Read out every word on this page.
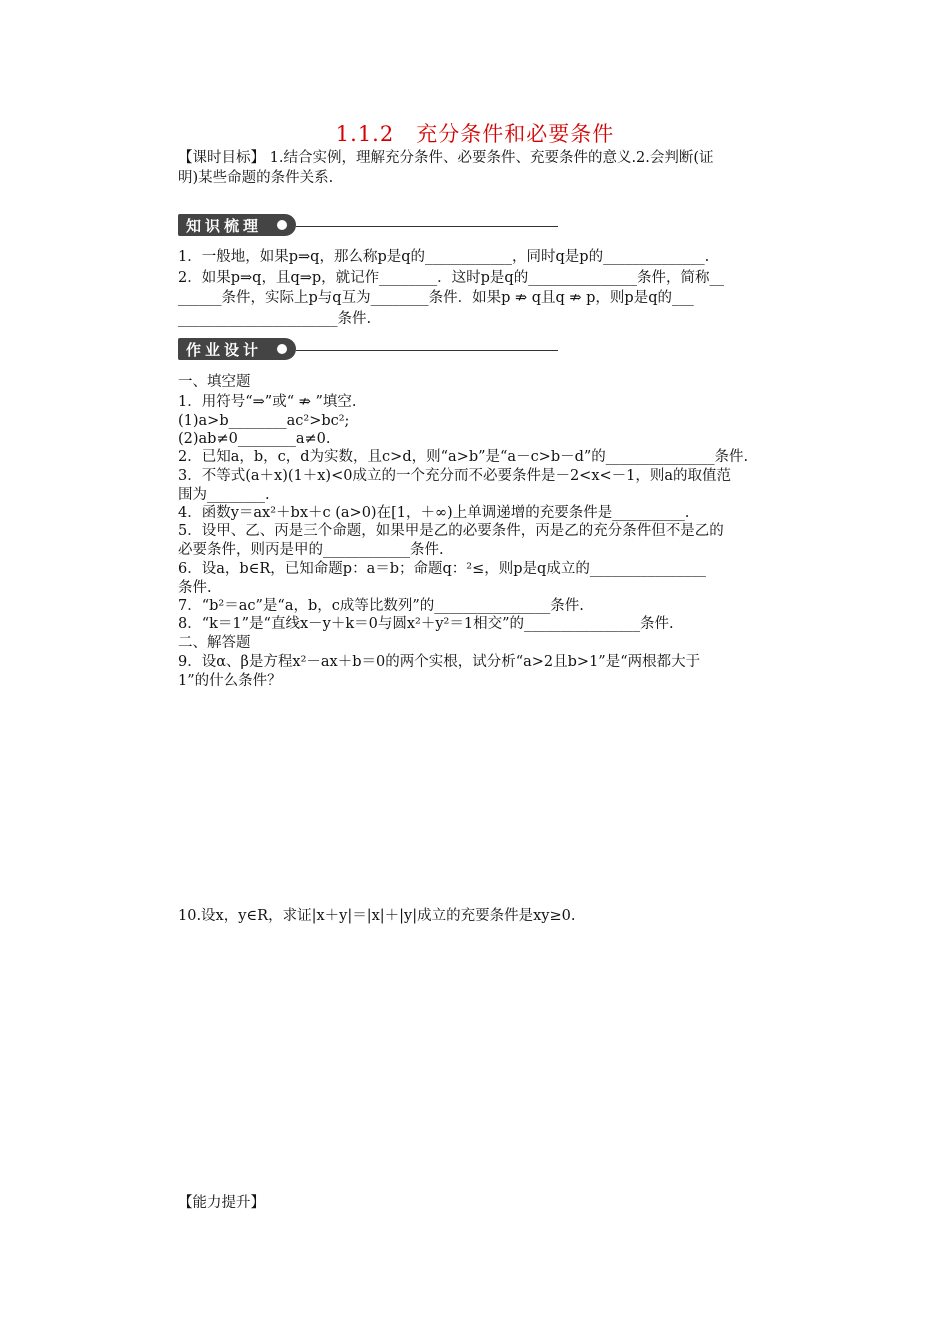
1.1.2　充分条件和必要条件
【课时目标】 1.结合实例，理解充分条件、必要条件、充要条件的意义.2.会判断(证
明)某些命题的条件关系.
知识梳理
1．一般地，如果p⇒q，那么称p是q的____________，同时q是p的______________.
2．如果p⇒q，且q⇒p，就记作________．这时p是q的_______________条件，简称__
______条件，实际上p与q互为________条件．如果p ⇏ q且q ⇏ p，则p是q的___
______________________条件.
作业设计
一、填空题
1．用符号“⇒”或“ ⇏ ”填空.
(1)a>b________ac²>bc²;
(2)ab≠0________a≠0.
2．已知a，b，c，d为实数，且c>d，则“a>b”是“a－c>b－d”的_______________条件.
3．不等式(a＋x)(1＋x)<0成立的一个充分而不必要条件是－2<x<－1，则a的取值范
围为________.
4．函数y＝ax²＋bx＋c (a>0)在[1，＋∞)上单调递增的充要条件是__________.
5．设甲、乙、丙是三个命题，如果甲是乙的必要条件，丙是乙的充分条件但不是乙的
必要条件，则丙是甲的____________条件.
6．设a，b∈R，已知命题p：a＝b；命题q：²≤，则p是q成立的________________
条件.
7．“b²＝ac”是“a，b，c成等比数列”的________________条件.
8．“k＝1”是“直线x－y＋k＝0与圆x²＋y²＝1相交”的________________条件.
二、解答题
9．设α、β是方程x²－ax＋b＝0的两个实根，试分析“a>2且b>1”是“两根都大于
1”的什么条件？
10.设x，y∈R，求证|x＋y|＝|x|＋|y|成立的充要条件是xy≥0.
【能力提升】
